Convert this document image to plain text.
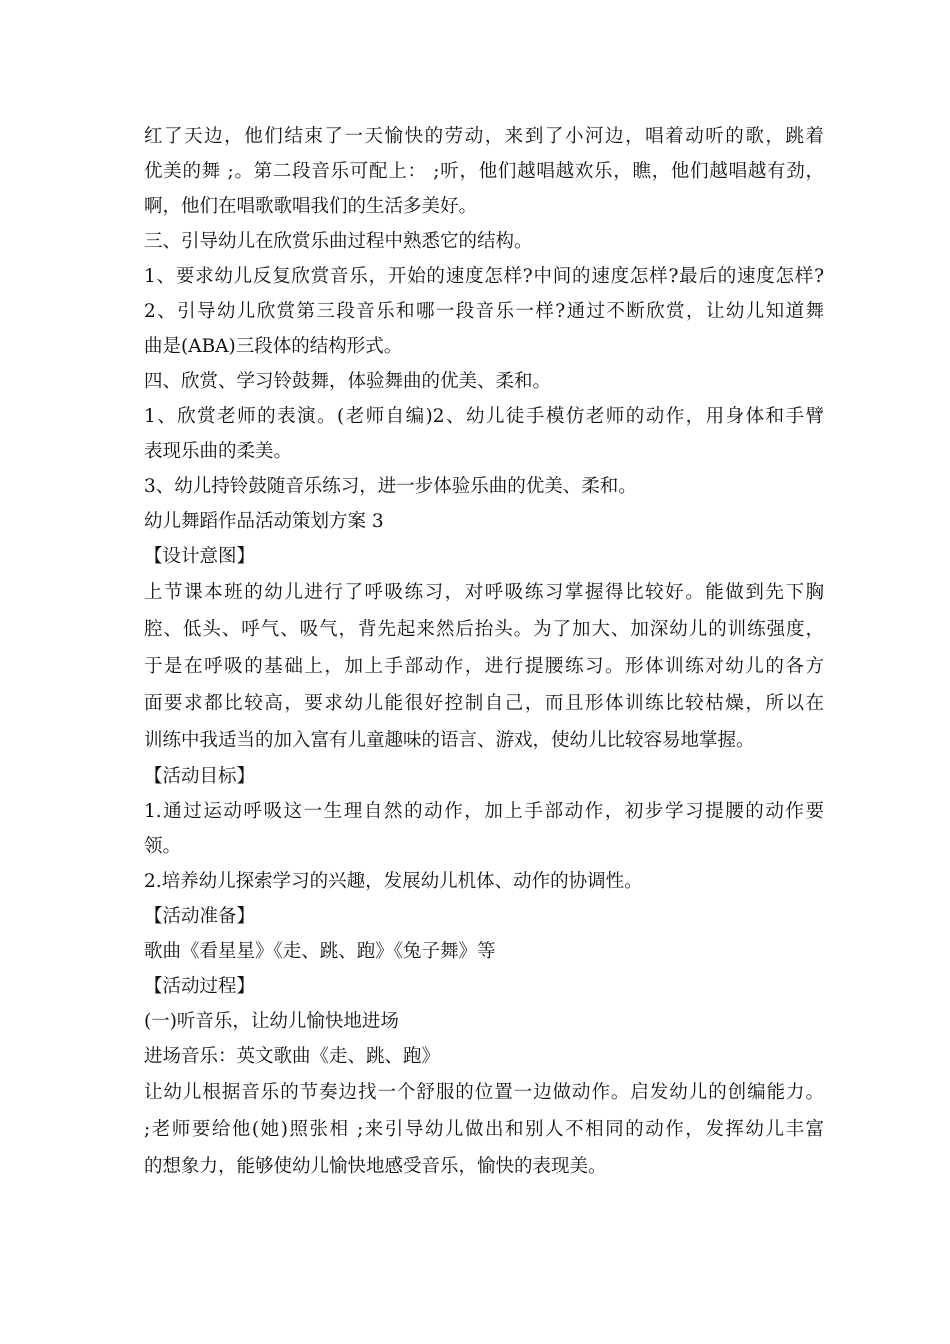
红了天边，他们结束了一天愉快的劳动，来到了小河边，唱着动听的歌，跳着
优美的舞 ;。第二段音乐可配上： ;听，他们越唱越欢乐，瞧，他们越唱越有劲，
啊，他们在唱歌歌唱我们的生活多美好。
三、引导幼儿在欣赏乐曲过程中熟悉它的结构。
1、要求幼儿反复欣赏音乐，开始的速度怎样?中间的速度怎样?最后的速度怎样?
2、引导幼儿欣赏第三段音乐和哪一段音乐一样?通过不断欣赏，让幼儿知道舞
曲是(ABA)三段体的结构形式。
四、欣赏、学习铃鼓舞，体验舞曲的优美、柔和。
1、欣赏老师的表演。(老师自编)2、幼儿徒手模仿老师的动作，用身体和手臂
表现乐曲的柔美。
3、幼儿持铃鼓随音乐练习，进一步体验乐曲的优美、柔和。
幼儿舞蹈作品活动策划方案 3
【设计意图】
上节课本班的幼儿进行了呼吸练习，对呼吸练习掌握得比较好。能做到先下胸
腔、低头、呼气、吸气，背先起来然后抬头。为了加大、加深幼儿的训练强度，
于是在呼吸的基础上，加上手部动作，进行提腰练习。形体训练对幼儿的各方
面要求都比较高，要求幼儿能很好控制自己，而且形体训练比较枯燥，所以在
训练中我适当的加入富有儿童趣味的语言、游戏，使幼儿比较容易地掌握。
【活动目标】
1.通过运动呼吸这一生理自然的动作，加上手部动作，初步学习提腰的动作要
领。
2.培养幼儿探索学习的兴趣，发展幼儿机体、动作的协调性。
【活动准备】
歌曲《看星星》《走、跳、跑》《兔子舞》等
【活动过程】
(一)听音乐，让幼儿愉快地进场
进场音乐：英文歌曲《走、跳、跑》
让幼儿根据音乐的节奏边找一个舒服的位置一边做动作。启发幼儿的创编能力。
;老师要给他(她)照张相 ;来引导幼儿做出和别人不相同的动作，发挥幼儿丰富
的想象力，能够使幼儿愉快地感受音乐，愉快的表现美。
